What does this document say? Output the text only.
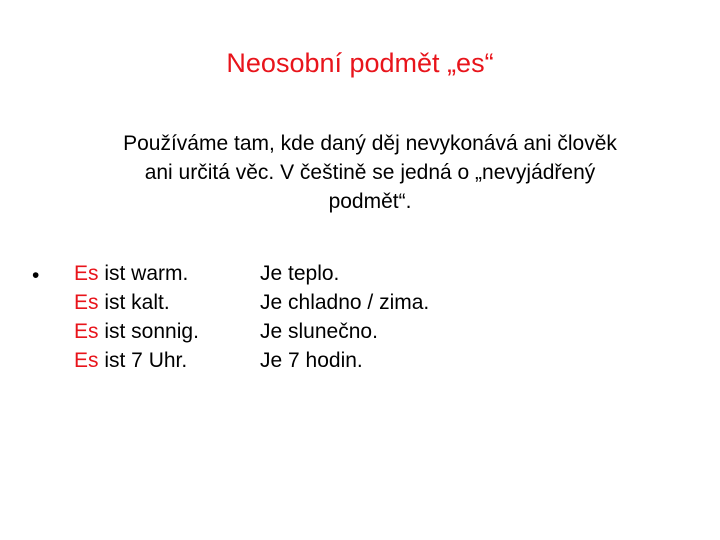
Neosobní podmět „es“
Používáme tam, kde daný děj nevykonává ani člověk
ani určitá věc. V češtině se jedná o „nevyjádřený
podmět“.
• Es ist warm.
Es ist kalt.
Es ist sonnig.
Es ist 7 Uhr.
Je teplo.
Je chladno / zima.
Je slunečno.
Je 7 hodin.
